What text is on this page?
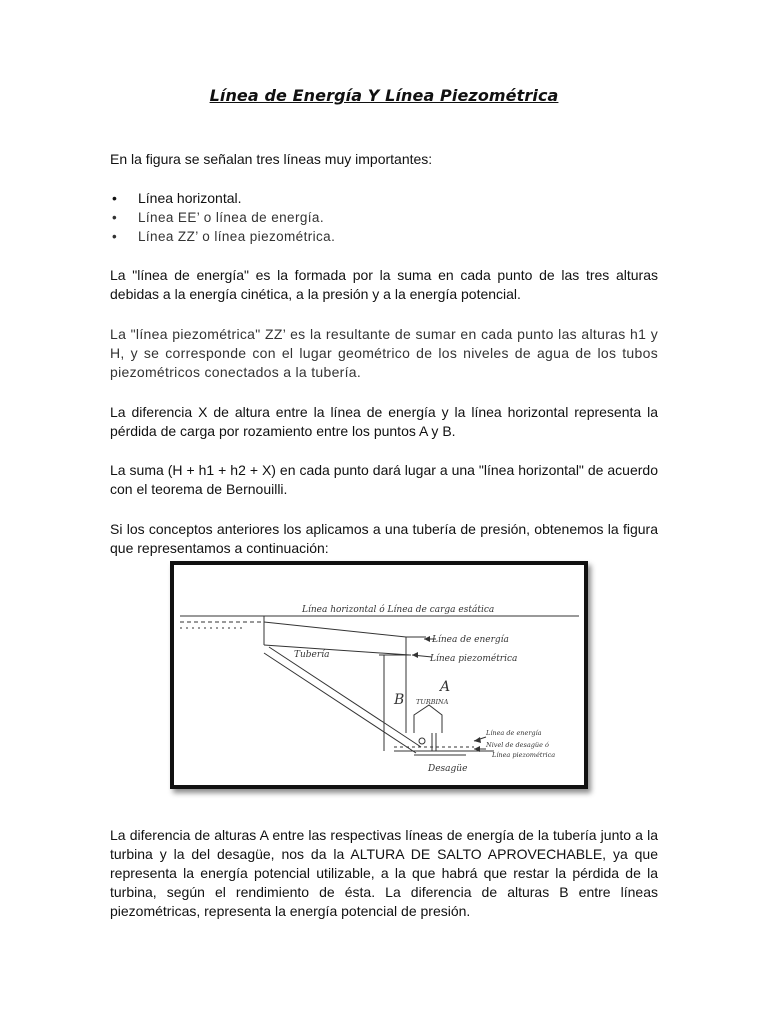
Línea de Energía Y Línea Piezométrica
En la figura se señalan tres líneas muy importantes:
• Línea horizontal.
• Línea EE’ o línea de energía.
• Línea ZZ’ o línea piezométrica.
La "línea de energía" es la formada por la suma en cada punto de las tres alturas debidas a la energía cinética, a la presión y a la energía potencial.
La "línea piezométrica" ZZ’ es la resultante de sumar en cada punto las alturas h1 y H, y se corresponde con el lugar geométrico de los niveles de agua de los tubos piezométricos conectados a la tubería.
La diferencia X de altura entre la línea de energía y la línea horizontal representa la pérdida de carga por rozamiento entre los puntos A y B.
La suma (H + h1 + h2 + X) en cada punto dará lugar a una "línea horizontal" de acuerdo con el teorema de Bernouilli.
Si los conceptos anteriores los aplicamos a una tubería de presión, obtenemos la figura que representamos a continuación:
Línea horizontal ó Línea de carga estática
Línea de energía
Línea piezométrica
Tubería
TURBINA
A
B
Línea de energía
Nivel de desagüe ó
Línea piezométrica
Desagüe
La diferencia de alturas A entre las respectivas líneas de energía de la tubería junto a la turbina y la del desagüe, nos da la ALTURA DE SALTO APROVECHABLE, ya que representa la energía potencial utilizable, a la que habrá que restar la pérdida de la turbina, según el rendimiento de ésta. La diferencia de alturas B entre líneas piezométricas, representa la energía potencial de presión.
